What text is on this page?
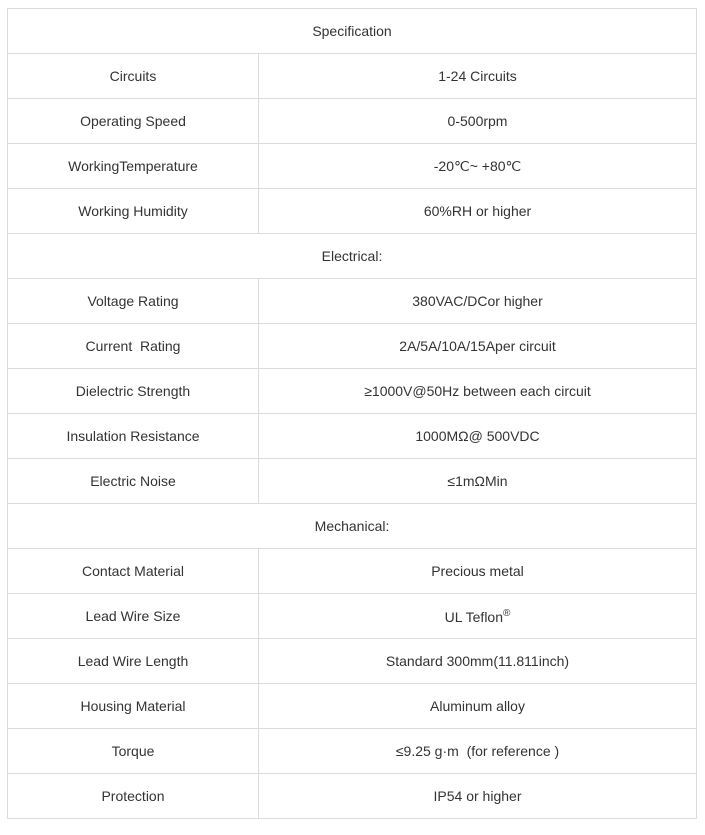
Specification	
Circuits	1-24 Circuits
Operating Speed	0-500rpm
WorkingTemperature	-20℃~ +80℃
Working Humidity	60%RH or higher
Electrical:	
Voltage Rating	380VAC/DCor higher
Current  Rating	2A/5A/10A/15Aper circuit
Dielectric Strength	≥1000V@50Hz between each circuit
Insulation Resistance	1000MΩ@ 500VDC
Electric Noise	≤1mΩMin
Mechanical:	
Contact Material	Precious metal
Lead Wire Size	UL Teflon®
Lead Wire Length	Standard 300mm(11.811inch)
Housing Material	Aluminum alloy
Torque	≤9.25 g·m  (for reference )
Protection	IP54 or higher
